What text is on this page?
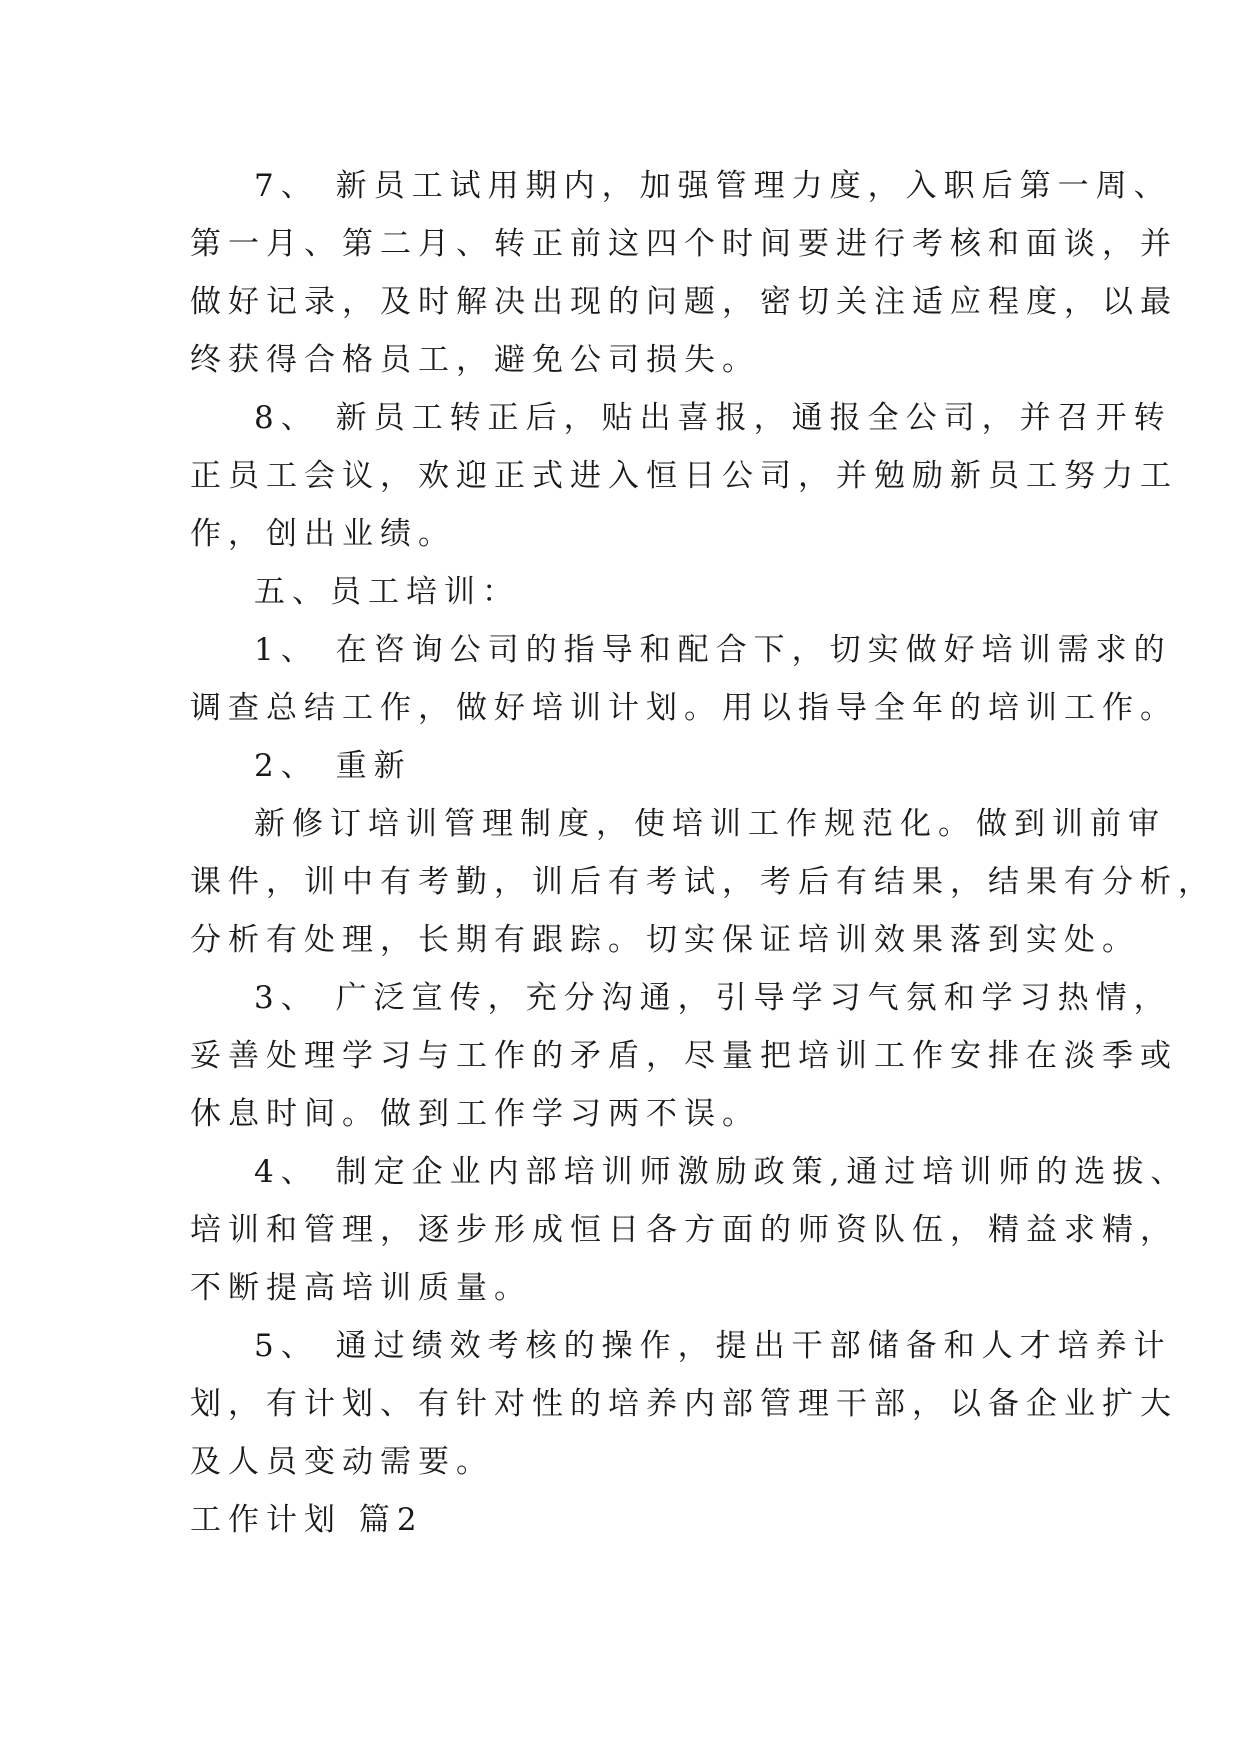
7、 新员工试用期内，加强管理力度，入职后第一周、
第一月、第二月、转正前这四个时间要进行考核和面谈，并
做好记录，及时解决出现的问题，密切关注适应程度，以最
终获得合格员工，避免公司损失。
8、 新员工转正后，贴出喜报，通报全公司，并召开转
正员工会议，欢迎正式进入恒日公司，并勉励新员工努力工
作，创出业绩。
五、员工培训：
1、 在咨询公司的指导和配合下，切实做好培训需求的
调查总结工作，做好培训计划。用以指导全年的培训工作。
2、 重新
新修订培训管理制度，使培训工作规范化。做到训前审
课件，训中有考勤，训后有考试，考后有结果，结果有分析，
分析有处理，长期有跟踪。切实保证培训效果落到实处。
3、 广泛宣传，充分沟通，引导学习气氛和学习热情，
妥善处理学习与工作的矛盾，尽量把培训工作安排在淡季或
休息时间。做到工作学习两不误。
4、 制定企业内部培训师激励政策,通过培训师的选拔、
培训和管理，逐步形成恒日各方面的师资队伍，精益求精，
不断提高培训质量。
5、 通过绩效考核的操作，提出干部储备和人才培养计
划，有计划、有针对性的培养内部管理干部，以备企业扩大
及人员变动需要。
工作计划 篇2
